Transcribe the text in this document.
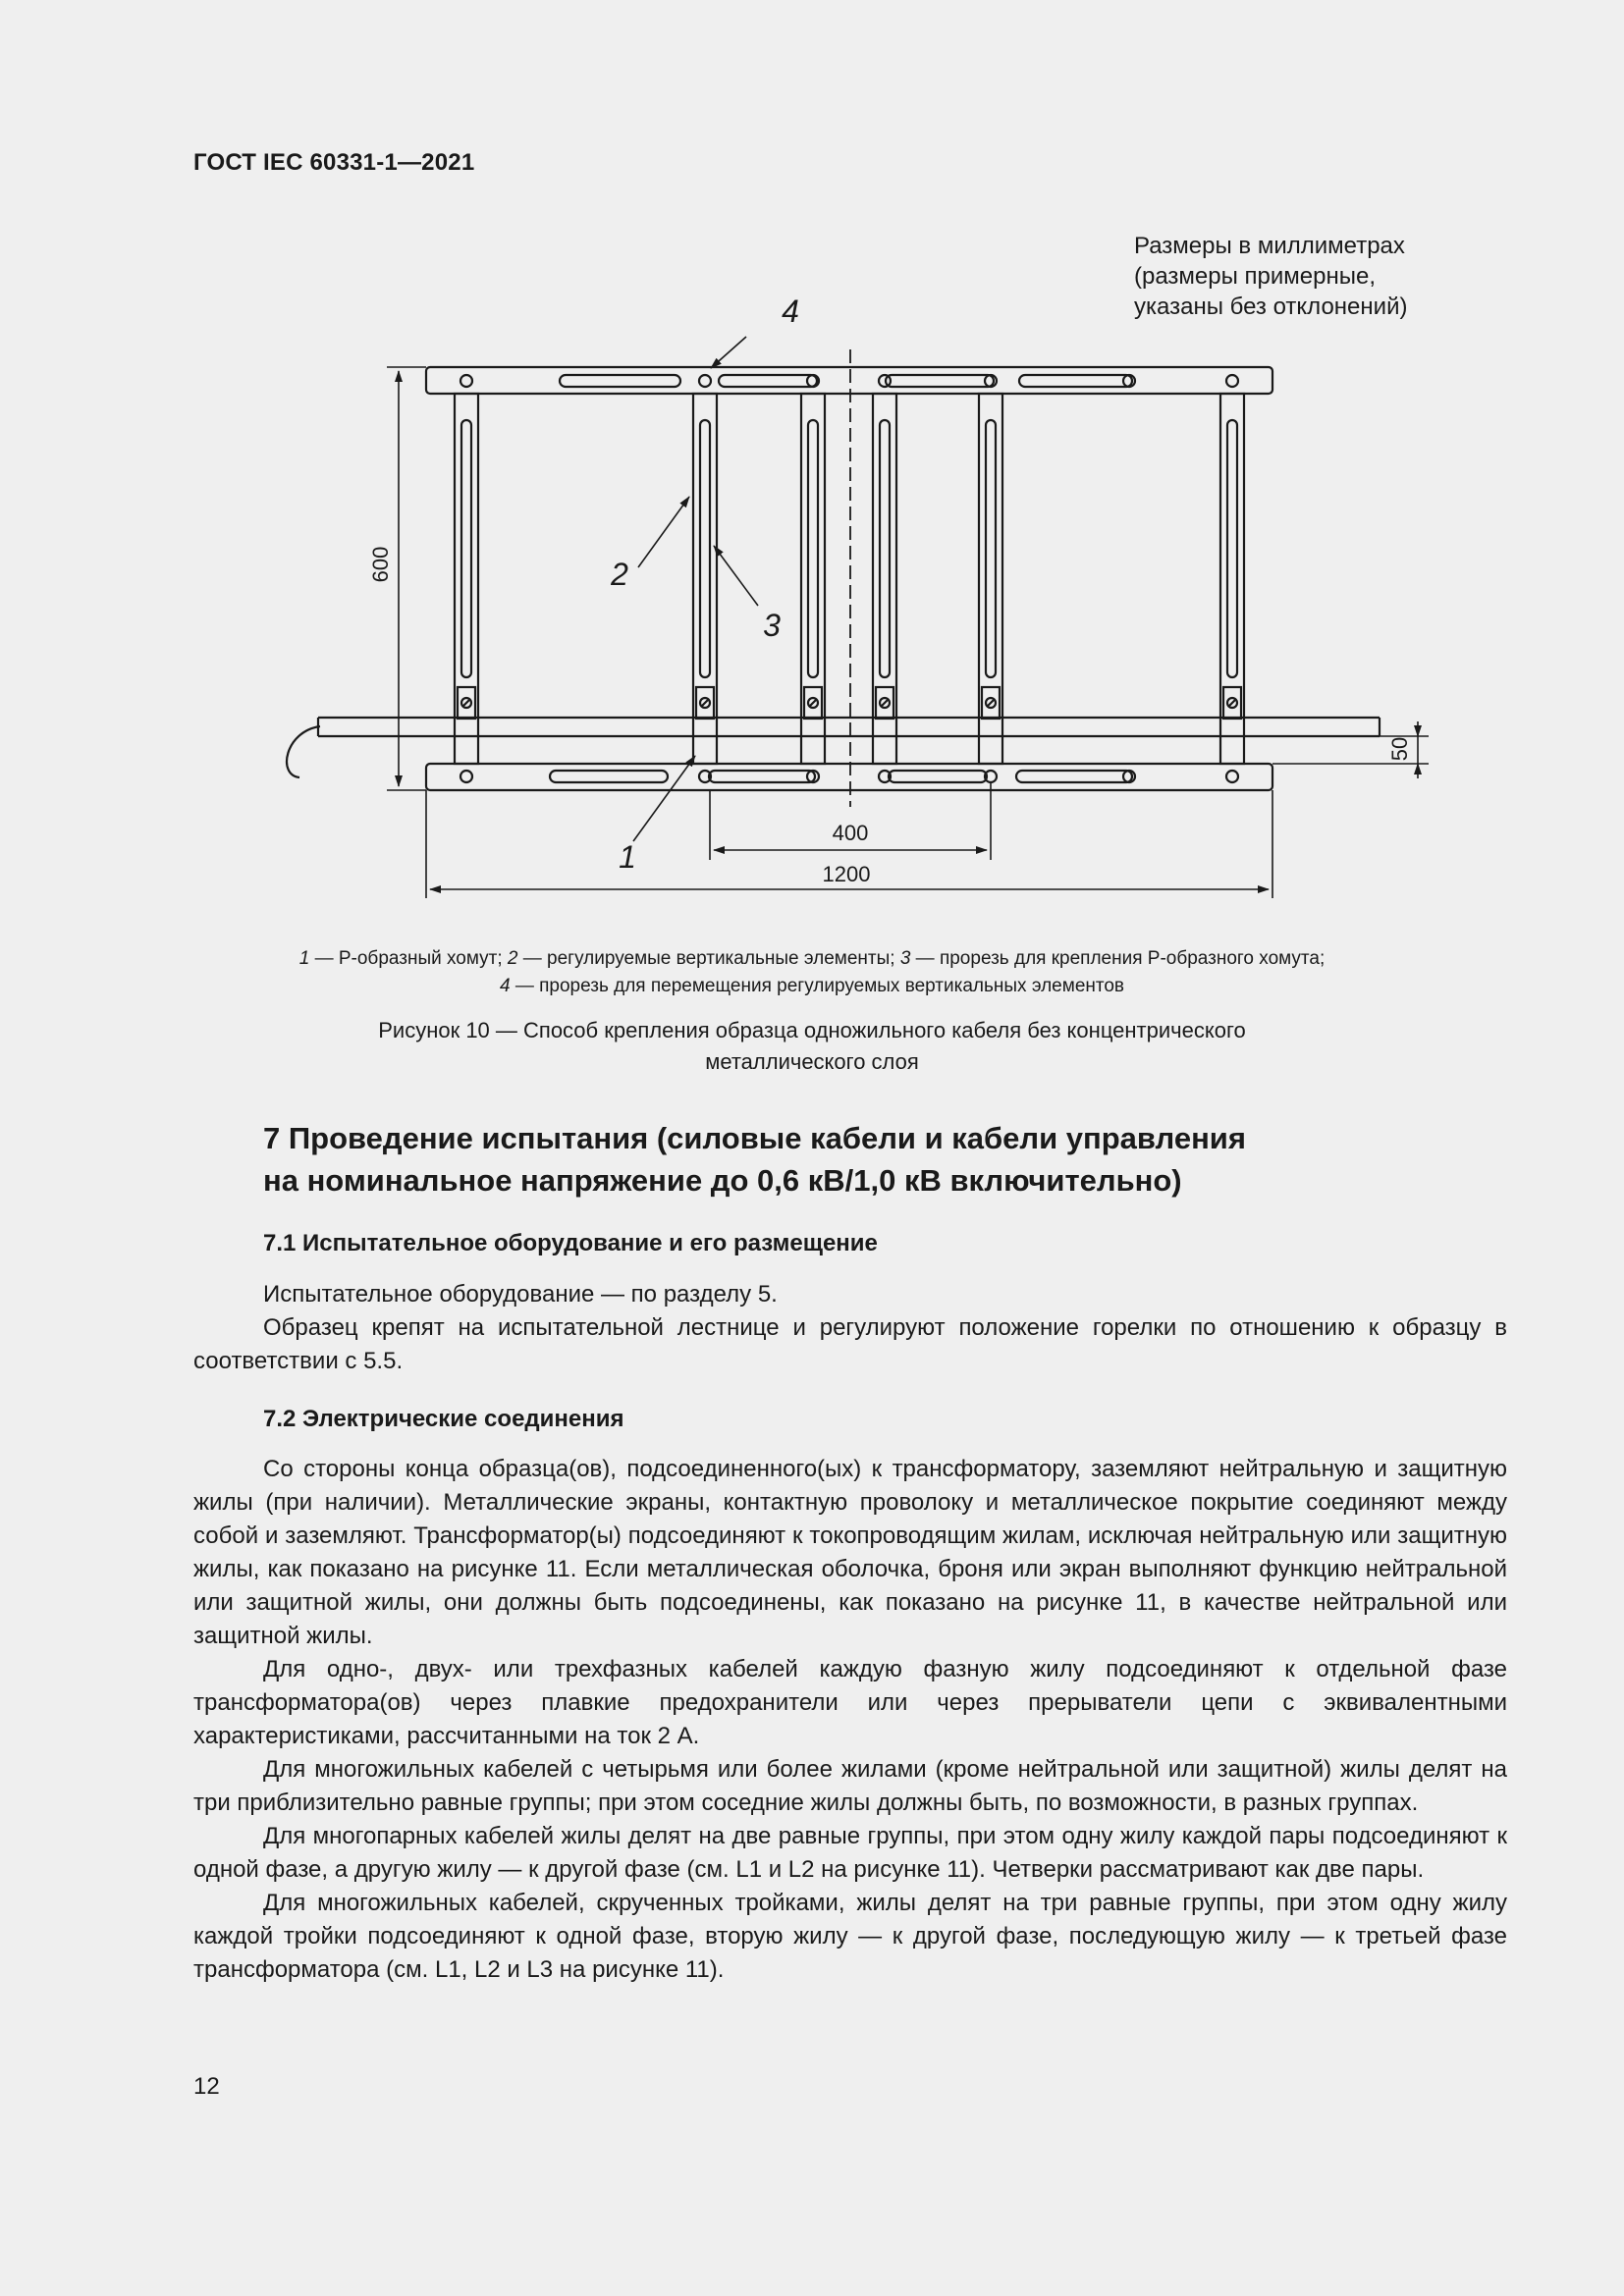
ГОСТ IEC 60331-1—2021
Размеры в миллиметрах
(размеры примерные,
указаны без отклонений)
600
50
400
1200
4
2
3
1
1 — Р-образный хомут; 2 — регулируемые вертикальные элементы; 3 — прорезь для крепления Р-образного хомута;
4 — прорезь для перемещения регулируемых вертикальных элементов
Рисунок 10 — Способ крепления образца одножильного кабеля без концентрического
металлического слоя
7 Проведение испытания (силовые кабели и кабели управления
на номинальное напряжение до 0,6 кВ/1,0 кВ включительно)
7.1 Испытательное оборудование и его размещение
Испытательное оборудование — по разделу 5.
Образец крепят на испытательной лестнице и регулируют положение горелки по отношению к образцу в соответствии с 5.5.
7.2 Электрические соединения
Со стороны конца образца(ов), подсоединенного(ых) к трансформатору, заземляют нейтральную и защитную жилы (при наличии). Металлические экраны, контактную проволоку и металлическое покрытие соединяют между собой и заземляют. Трансформатор(ы) подсоединяют к токопроводящим жилам, исключая нейтральную или защитную жилы, как показано на рисунке 11. Если металлическая оболочка, броня или экран выполняют функцию нейтральной или защитной жилы, они должны быть подсоединены, как показано на рисунке 11, в качестве нейтральной или защитной жилы.
Для одно-, двух- или трехфазных кабелей каждую фазную жилу подсоединяют к отдельной фазе трансформатора(ов) через плавкие предохранители или через прерыватели цепи с эквивалентными характеристиками, рассчитанными на ток 2 А.
Для многожильных кабелей с четырьмя или более жилами (кроме нейтральной или защитной) жилы делят на три приблизительно равные группы; при этом соседние жилы должны быть, по возможности, в разных группах.
Для многопарных кабелей жилы делят на две равные группы, при этом одну жилу каждой пары подсоединяют к одной фазе, а другую жилу — к другой фазе (см. L1 и L2 на рисунке 11). Четверки рассматривают как две пары.
Для многожильных кабелей, скрученных тройками, жилы делят на три равные группы, при этом одну жилу каждой тройки подсоединяют к одной фазе, вторую жилу — к другой фазе, последующую жилу — к третьей фазе трансформатора (см. L1, L2 и L3 на рисунке 11).
12
